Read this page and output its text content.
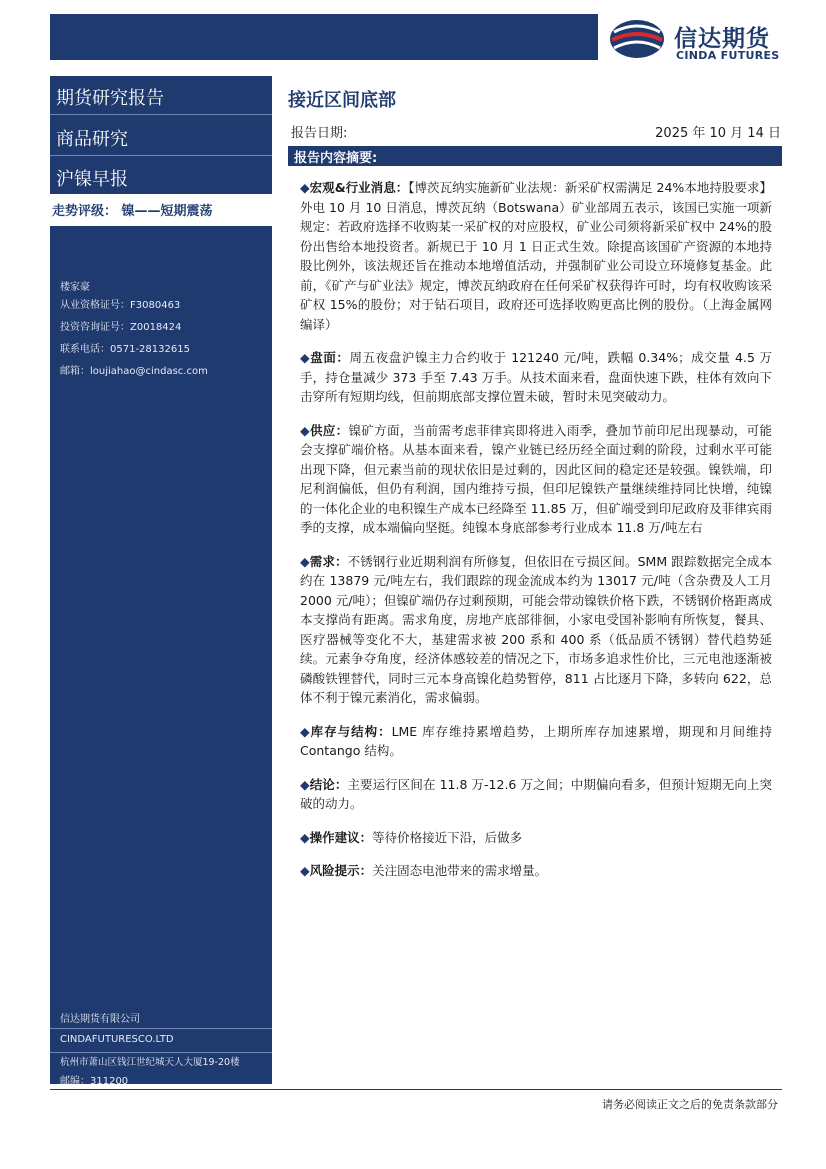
信达期货
CINDA FUTURES
期货研究报告
商品研究
沪镍早报
走势评级： 镍——短期震荡
楼家豪
从业资格证号：F3080463
投资咨询证号：Z0018424
联系电话：0571-28132615
邮箱：loujiahao@cindasc.com
信达期货有限公司
CINDAFUTURESCO.LTD
杭州市萧山区钱江世纪城天人大厦19-20楼
邮编：311200
接近区间底部
报告日期:	2025 年 10 月 14 日
报告内容摘要:

◆宏观&行业消息：【博茨瓦纳实施新矿业法规：新采矿权需满足 24%本地持股要求】外电 10 月 10 日消息，博茨瓦纳（Botswana）矿业部周五表示，该国已实施一项新规定：若政府选择不收购某一采矿权的对应股权，矿业公司须将新采矿权中 24%的股份出售给本地投资者。新规已于 10 月 1 日正式生效。除提高该国矿产资源的本地持股比例外，该法规还旨在推动本地增值活动，并强制矿业公司设立环境修复基金。此前，《矿产与矿业法》规定，博茨瓦纳政府在任何采矿权获得许可时，均有权收购该采矿权 15%的股份；对于钻石项目，政府还可选择收购更高比例的股份。（上海金属网编译）

◆盘面：周五夜盘沪镍主力合约收于 121240 元/吨，跌幅 0.34%；成交量 4.5 万手，持仓量减少 373 手至 7.43 万手。从技术面来看，盘面快速下跌，柱体有效向下击穿所有短期均线，但前期底部支撑位置未破，暂时未见突破动力。

◆供应：镍矿方面，当前需考虑菲律宾即将进入雨季，叠加节前印尼出现暴动，可能会支撑矿端价格。从基本面来看，镍产业链已经历经全面过剩的阶段，过剩水平可能出现下降，但元素当前的现状依旧是过剩的，因此区间的稳定还是较强。镍铁端，印尼利润偏低，但仍有利润，国内维持亏损，但印尼镍铁产量继续维持同比快增，纯镍的一体化企业的电积镍生产成本已经降至 11.85 万，但矿端受到印尼政府及菲律宾雨季的支撑，成本端偏向坚挺。纯镍本身底部参考行业成本 11.8 万/吨左右

◆需求：不锈钢行业近期利润有所修复，但依旧在亏损区间。SMM 跟踪数据完全成本约在 13879 元/吨左右，我们跟踪的现金流成本约为 13017 元/吨（含杂费及人工月 2000 元/吨）；但镍矿端仍存过剩预期，可能会带动镍铁价格下跌，不锈钢价格距离成本支撑尚有距离。需求角度，房地产底部徘徊，小家电受国补影响有所恢复，餐具、医疗器械等变化不大，基建需求被 200 系和 400 系（低品质不锈钢）替代趋势延续。元素争夺角度，经济体感较差的情况之下，市场多追求性价比，三元电池逐渐被磷酸铁锂替代，同时三元本身高镍化趋势暂停，811 占比逐月下降，多转向 622，总体不利于镍元素消化，需求偏弱。

◆库存与结构：LME 库存维持累增趋势，上期所库存加速累增，期现和月间维持 Contango 结构。

◆结论：主要运行区间在 11.8 万-12.6 万之间；中期偏向看多，但预计短期无向上突破的动力。

◆操作建议：等待价格接近下沿，后做多

◆风险提示：关注固态电池带来的需求增量。

请务必阅读正文之后的免责条款部分
